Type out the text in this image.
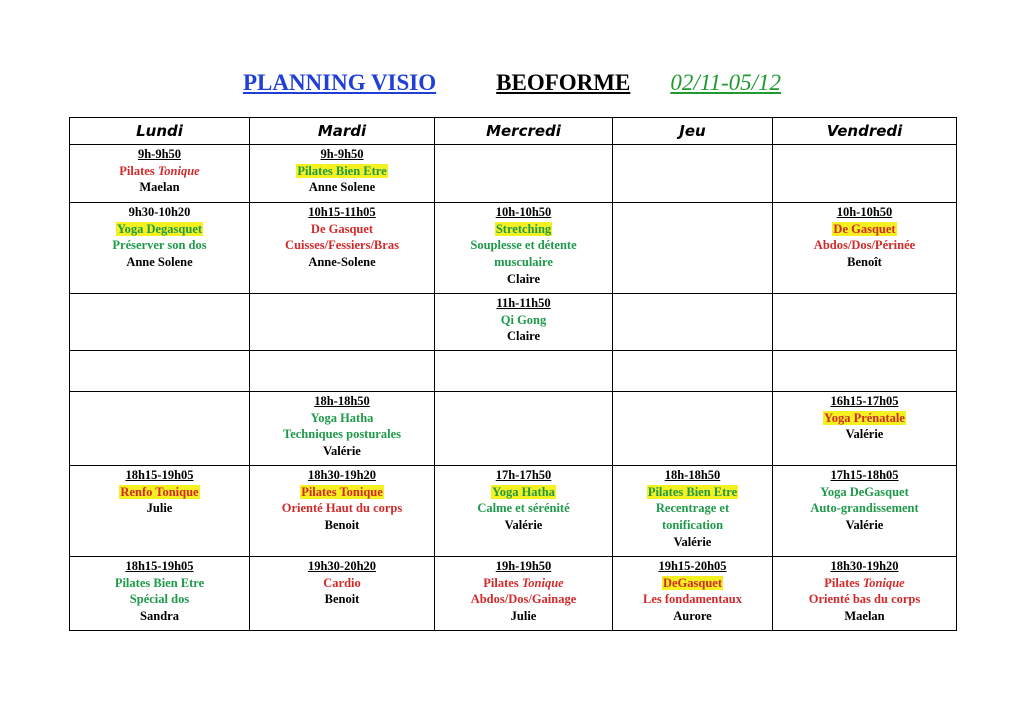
PLANNING VISIO	BEOFORME 02/11-05/12
Lundi	Mardi	Mercredi	Jeu	Vendredi

9h-9h50
Pilates Tonique
Maelan	9h-9h50
Pilates Bien Etre
Anne Solene			

9h30-10h20
Yoga Degasquet
Préserver son dos
Anne Solene	10h15-11h05
De Gasquet
Cuisses/Fessiers/Bras
Anne-Solene	10h-10h50
Stretching
Souplesse et détente
musculaire
Claire		10h-10h50
De Gasquet
Abdos/Dos/Périnée
Benoît

		11h-11h50
Qi Gong
Claire		

	18h-18h50
Yoga Hatha
Techniques posturales
Valérie			16h15-17h05
Yoga Prénatale
Valérie

18h15-19h05
Renfo Tonique
Julie	18h30-19h20
Pilates Tonique
Orienté Haut du corps
Benoit	17h-17h50
Yoga Hatha
Calme et sérénité
Valérie	18h-18h50
Pilates Bien Etre
Recentrage et
tonification
Valérie	17h15-18h05
Yoga DeGasquet
Auto-grandissement
Valérie

18h15-19h05
Pilates Bien Etre
Spécial dos
Sandra	19h30-20h20
Cardio
Benoit	19h-19h50
Pilates Tonique
Abdos/Dos/Gainage
Julie	19h15-20h05
DeGasquet
Les fondamentaux
Aurore	18h30-19h20
Pilates Tonique
Orienté bas du corps
Maelan
